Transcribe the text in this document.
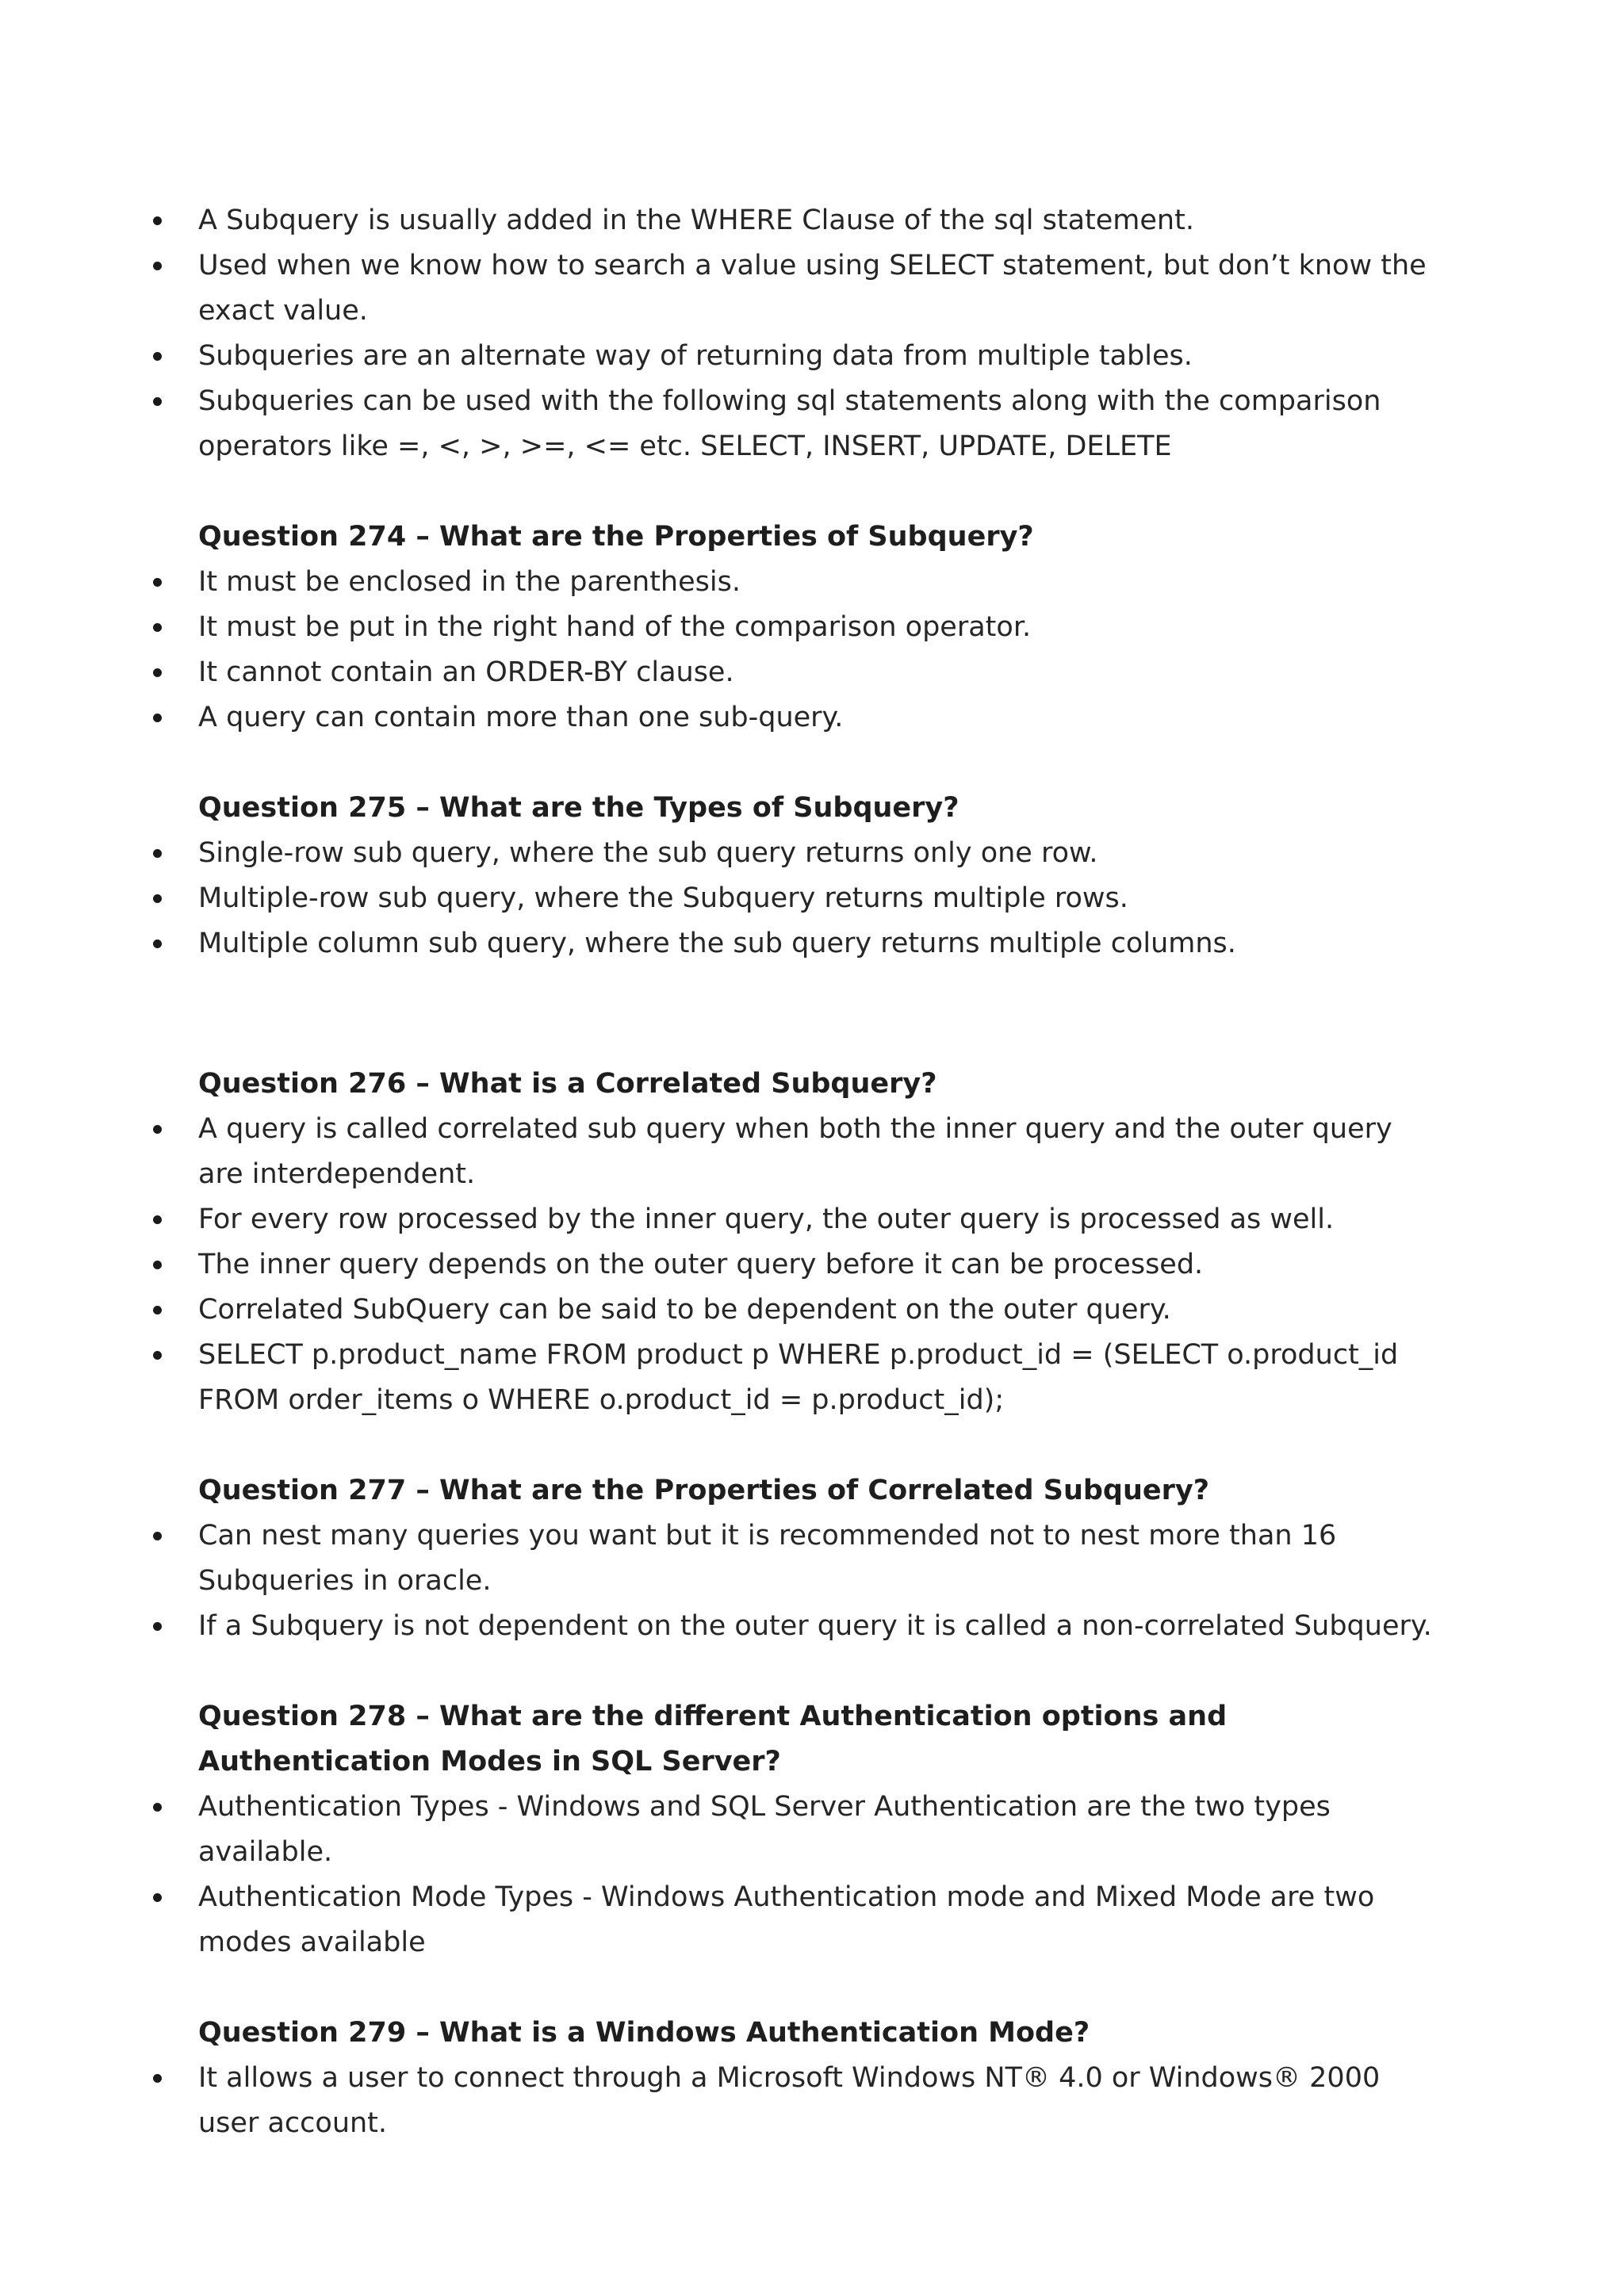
A Subquery is usually added in the WHERE Clause of the sql statement.
Used when we know how to search a value using SELECT statement, but don’t know the exact value.
Subqueries are an alternate way of returning data from multiple tables.
Subqueries can be used with the following sql statements along with the comparison operators like =, <, >, >=, <= etc. SELECT, INSERT, UPDATE, DELETE
Question 274 – What are the Properties of Subquery?
It must be enclosed in the parenthesis.
It must be put in the right hand of the comparison operator.
It cannot contain an ORDER-BY clause.
A query can contain more than one sub-query.
Question 275 – What are the Types of Subquery?
Single-row sub query, where the sub query returns only one row.
Multiple-row sub query, where the Subquery returns multiple rows.
Multiple column sub query, where the sub query returns multiple columns.
Question 276 – What is a Correlated Subquery?
A query is called correlated sub query when both the inner query and the outer query are interdependent.
For every row processed by the inner query, the outer query is processed as well.
The inner query depends on the outer query before it can be processed.
Correlated SubQuery can be said to be dependent on the outer query.
SELECT p.product_name FROM product p WHERE p.product_id = (SELECT o.product_id FROM order_items o WHERE o.product_id = p.product_id);
Question 277 – What are the Properties of Correlated Subquery?
Can nest many queries you want but it is recommended not to nest more than 16 Subqueries in oracle.
If a Subquery is not dependent on the outer query it is called a non-correlated Subquery.
Question 278 – What are the different Authentication options and Authentication Modes in SQL Server?
Authentication Types - Windows and SQL Server Authentication are the two types available.
Authentication Mode Types - Windows Authentication mode and Mixed Mode are two modes available
Question 279 – What is a Windows Authentication Mode?
It allows a user to connect through a Microsoft Windows NT® 4.0 or Windows® 2000 user account.
